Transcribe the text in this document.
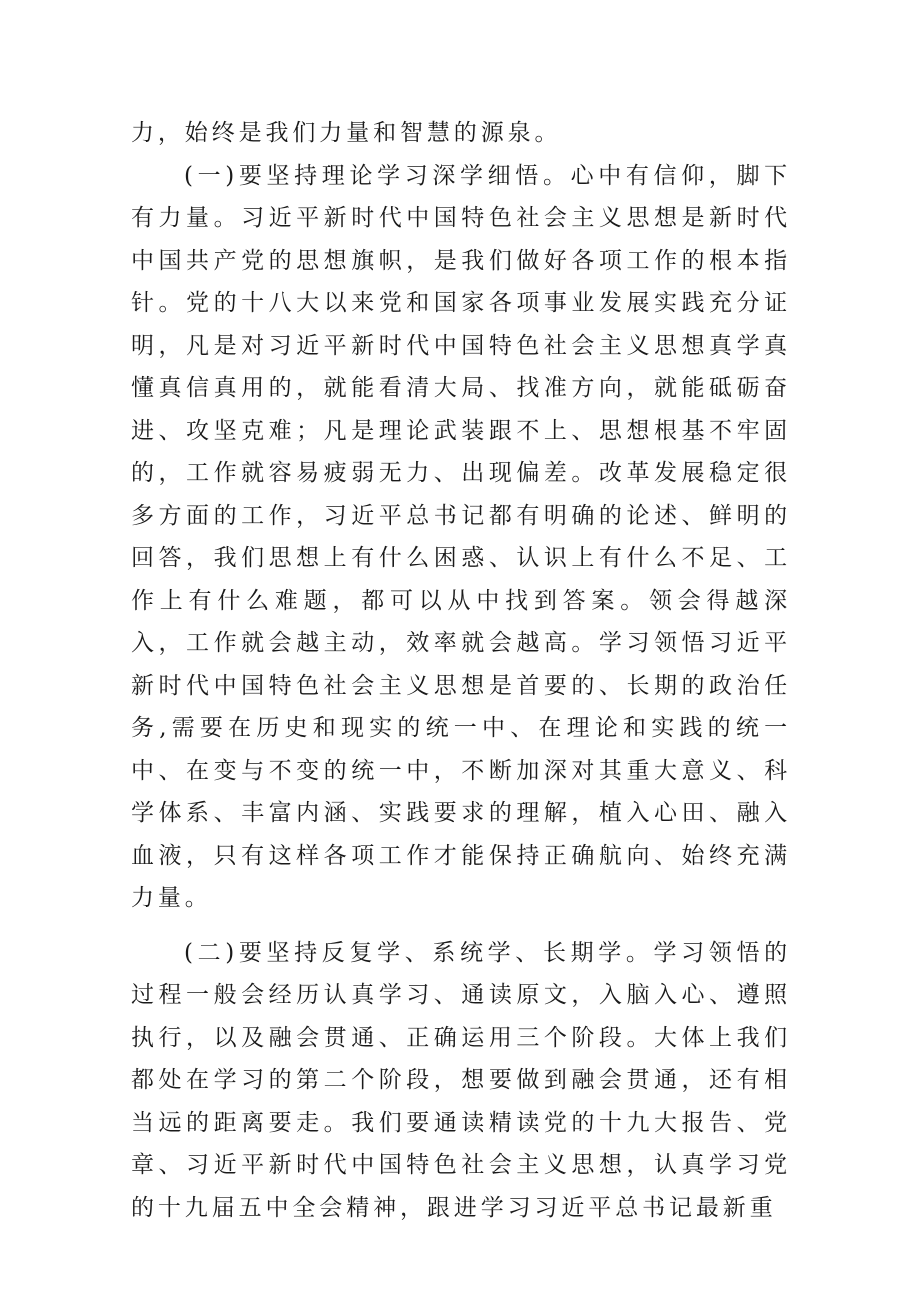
力，始终是我们力量和智慧的源泉。

(一)要坚持理论学习深学细悟。心中有信仰，脚下有力量。习近平新时代中国特色社会主义思想是新时代中国共产党的思想旗帜，是我们做好各项工作的根本指针。党的十八大以来党和国家各项事业发展实践充分证明，凡是对习近平新时代中国特色社会主义思想真学真懂真信真用的，就能看清大局、找准方向，就能砥砺奋进、攻坚克难；凡是理论武装跟不上、思想根基不牢固的，工作就容易疲弱无力、出现偏差。改革发展稳定很多方面的工作，习近平总书记都有明确的论述、鲜明的回答，我们思想上有什么困惑、认识上有什么不足、工作上有什么难题，都可以从中找到答案。领会得越深入，工作就会越主动，效率就会越高。学习领悟习近平新时代中国特色社会主义思想是首要的、长期的政治任务,需要在历史和现实的统一中、在理论和实践的统一中、在变与不变的统一中，不断加深对其重大意义、科学体系、丰富内涵、实践要求的理解，植入心田、融入血液，只有这样各项工作才能保持正确航向、始终充满力量。

(二)要坚持反复学、系统学、长期学。学习领悟的过程一般会经历认真学习、通读原文，入脑入心、遵照执行，以及融会贯通、正确运用三个阶段。大体上我们都处在学习的第二个阶段，想要做到融会贯通，还有相当远的距离要走。我们要通读精读党的十九大报告、党章、习近平新时代中国特色社会主义思想，认真学习党的十九届五中全会精神，跟进学习习近平总书记最新重
